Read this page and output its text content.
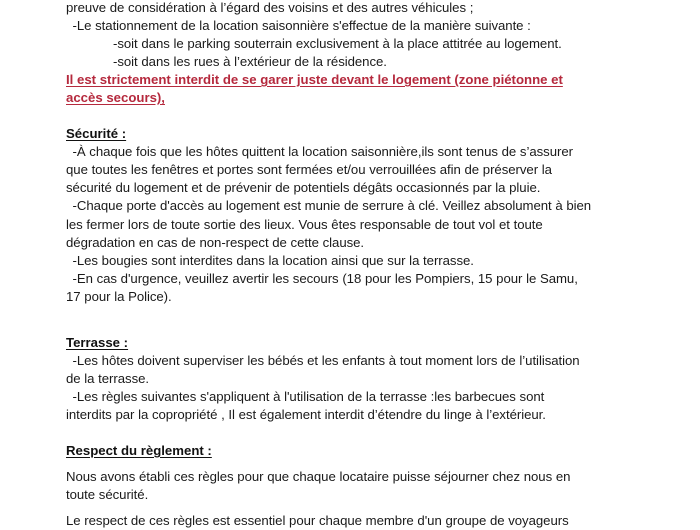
preuve de considération à l’égard des voisins et des autres véhicules ;

-Le stationnement de la location saisonnière s'effectue de la manière suivante :

-soit dans le parking souterrain exclusivement à la place attitrée au logement.

-soit dans les rues à l’extérieur de la résidence.

Il est strictement interdit de se garer juste devant le logement (zone piétonne et

accès secours),

Sécurité :

-À chaque fois que les hôtes quittent la location saisonnière,ils sont tenus de s’assurer

que toutes les fenêtres et portes sont fermées et/ou verrouillées afin de préserver la

sécurité du logement et de prévenir de potentiels dégâts occasionnés par la pluie.

-Chaque porte d'accès au logement est munie de serrure à clé. Veillez absolument à bien

les fermer lors de toute sortie des lieux. Vous êtes responsable de tout vol et toute

dégradation en cas de non-respect de cette clause.

-Les bougies sont interdites dans la location ainsi que sur la terrasse.

-En cas d'urgence, veuillez avertir les secours (18 pour les Pompiers, 15 pour le Samu,

17 pour la Police).

Terrasse :

-Les hôtes doivent superviser les bébés et les enfants à tout moment lors de l’utilisation

de la terrasse.

-Les règles suivantes s'appliquent à l'utilisation de la terrasse :les barbecues sont

interdits par la copropriété , Il est également interdit d’étendre du linge à l’extérieur.

Respect du règlement :

Nous avons établi ces règles pour que chaque locataire puisse séjourner chez nous en

toute sécurité.

Le respect de ces règles est essentiel pour chaque membre d'un groupe de voyageurs
